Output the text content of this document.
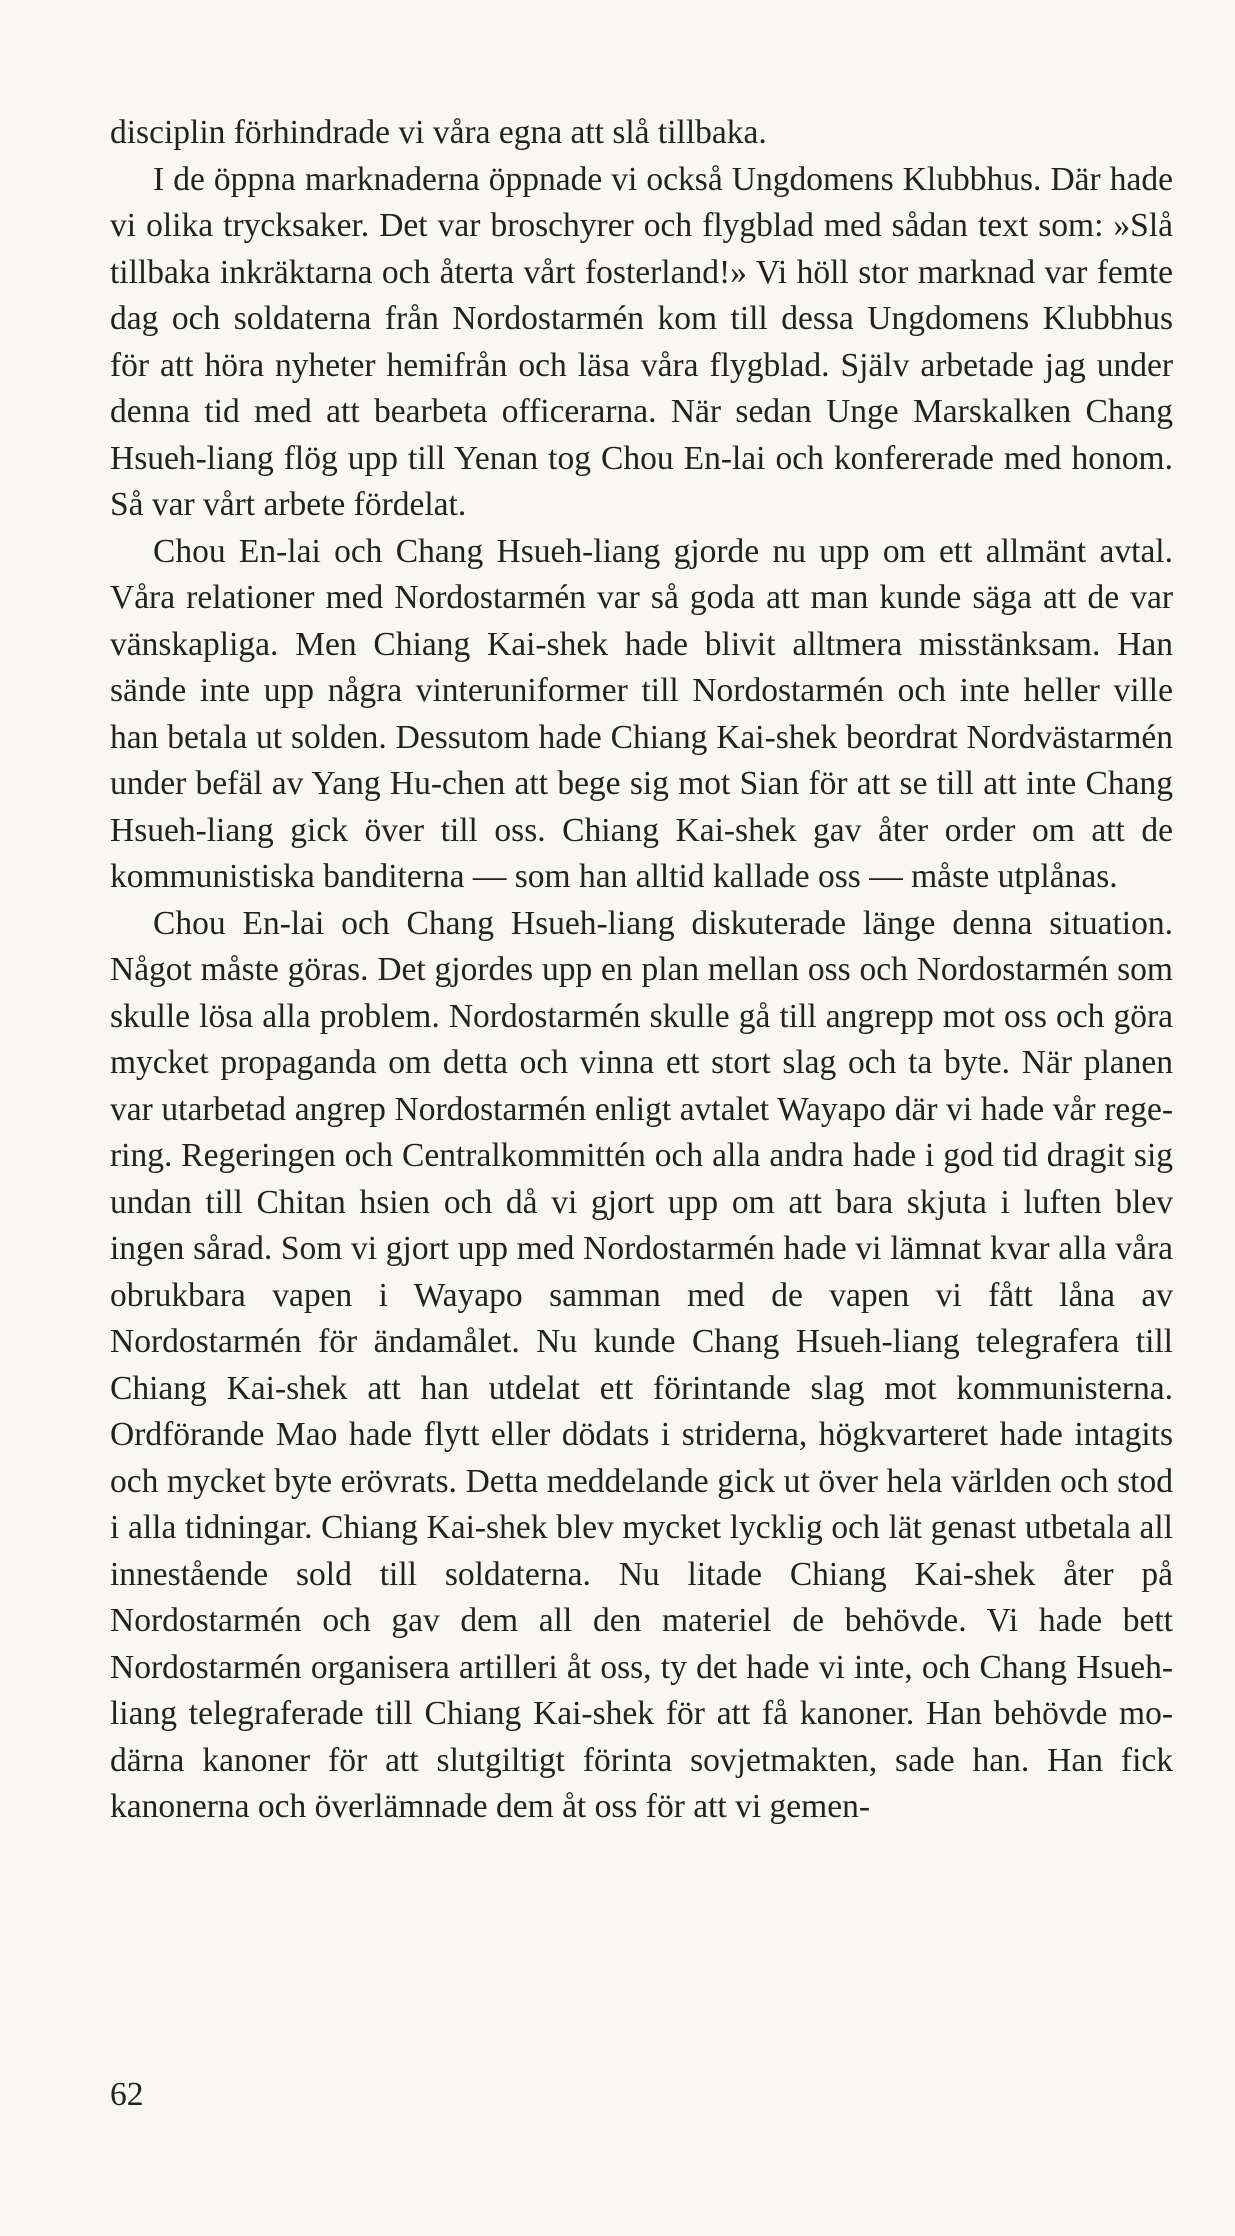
disciplin förhindrade vi våra egna att slå tillbaka.

I de öppna marknaderna öppnade vi också Ungdomens Klubbhus. Där hade vi olika trycksaker. Det var broschyrer och flygblad med sådan text som: »Slå tillbaka inkräktarna och återta vårt fosterland!» Vi höll stor marknad var femte dag och soldaterna från Nordostarmén kom till dessa Ungdomens Klubbhus för att höra nyheter hemifrån och läsa våra flygblad. Själv arbetade jag under denna tid med att bearbeta officerarna. När sedan Unge Marskalken Chang Hsueh-liang flög upp till Yenan tog Chou En-lai och konfererade med honom. Så var vårt arbete fördelat.

Chou En-lai och Chang Hsueh-liang gjorde nu upp om ett allmänt avtal. Våra relationer med Nordostarmén var så goda att man kunde säga att de var vänskapliga. Men Chiang Kai-shek hade blivit alltmera misstänksam. Han sände inte upp några vinteruniformer till Nordostarmén och inte heller ville han betala ut solden. Dessutom hade Chiang Kai-shek beordrat Nordvästarmén under befäl av Yang Hu-chen att bege sig mot Sian för att se till att inte Chang Hsueh-liang gick över till oss. Chiang Kai-shek gav åter order om att de kommunistiska banditerna — som han alltid kallade oss — måste utplånas.

Chou En-lai och Chang Hsueh-liang diskuterade länge denna situation. Något måste göras. Det gjordes upp en plan mellan oss och Nordostarmén som skulle lösa alla problem. Nordostarmén skulle gå till angrepp mot oss och göra mycket propaganda om detta och vinna ett stort slag och ta byte. När planen var utarbetad angrep Nordostarmén enligt avtalet Wayapo där vi hade vår regering. Regeringen och Centralkommittén och alla andra hade i god tid dragit sig undan till Chitan hsien och då vi gjort upp om att bara skjuta i luften blev ingen sårad. Som vi gjort upp med Nordostarmén hade vi lämnat kvar alla våra obrukbara vapen i Wayapo samman med de vapen vi fått låna av Nordostarmén för ändamålet. Nu kunde Chang Hsueh-liang telegrafera till Chiang Kai-shek att han utdelat ett förintande slag mot kommunisterna. Ordförande Mao hade flytt eller dödats i striderna, högkvarteret hade intagits och mycket byte erövrats. Detta meddelande gick ut över hela världen och stod i alla tidningar. Chiang Kai-shek blev mycket lycklig och lät genast utbetala all innestående sold till soldaterna. Nu litade Chiang Kai-shek åter på Nordostarmén och gav dem all den materiel de behövde. Vi hade bett Nordostarmén organisera artilleri åt oss, ty det hade vi inte, och Chang Hsueh-liang telegraferade till Chiang Kai-shek för att få kanoner. Han behövde modärna kanoner för att slutgiltigt förinta sovjetmakten, sade han. Han fick kanonerna och överlämnade dem åt oss för att vi gemen-

62
